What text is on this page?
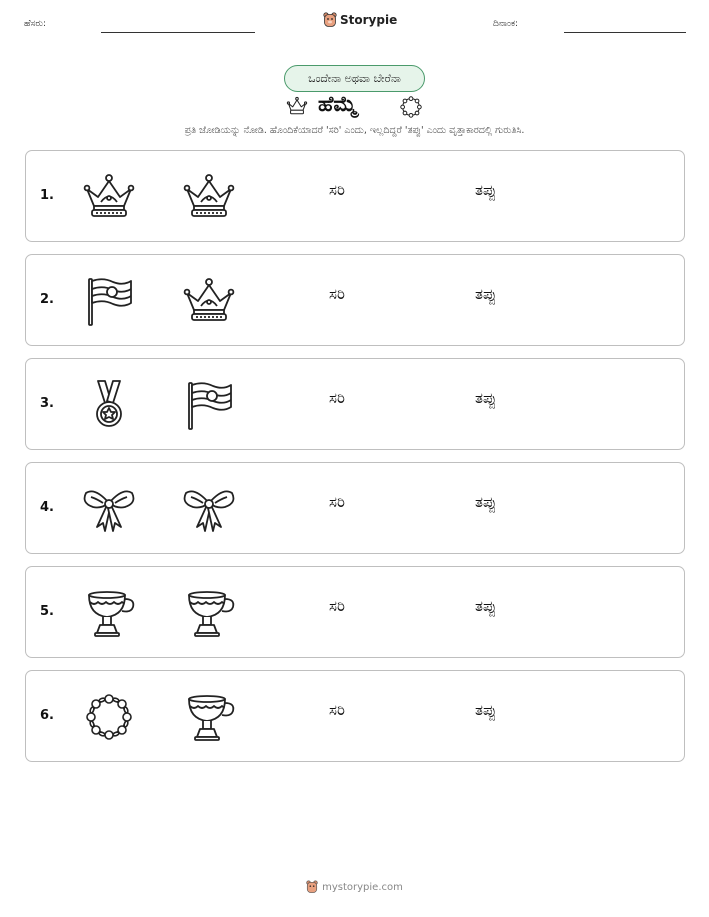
ಹೆಸರು:	Storypie	ದಿನಾಂಕ:
ಒಂದೇನಾ ಅಥವಾ ಬೇರೆನಾ
ಹೆಮ್ಮೆ
ಪ್ರತಿ ಜೋಡಿಯನ್ನು ನೋಡಿ. ಹೊಂದಿಕೆಯಾದರೆ 'ಸರಿ' ಎಂದು, ಇಲ್ಲದಿದ್ದರೆ 'ತಪ್ಪು' ಎಂದು ವೃತ್ತಾಕಾರದಲ್ಲಿ ಗುರುತಿಸಿ.
1.	ಸರಿ	ತಪ್ಪು
2.	ಸರಿ	ತಪ್ಪು
3.	ಸರಿ	ತಪ್ಪು
4.	ಸರಿ	ತಪ್ಪು
5.	ಸರಿ	ತಪ್ಪು
6.	ಸರಿ	ತಪ್ಪು
mystorypie.com
